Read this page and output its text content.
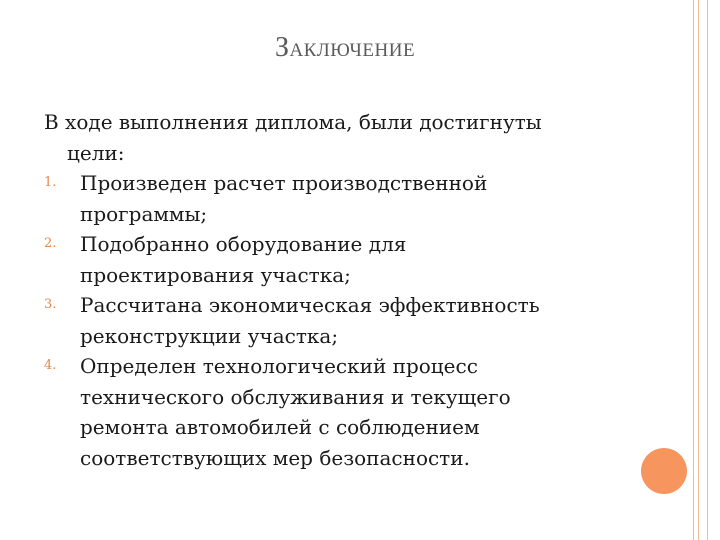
ЗАКЛЮЧЕНИЕ

В ходе выполнения диплома, были достигнуты
цели:

1. Произведен расчет производственной
программы;
2. Подобранно оборудование для
проектирования участка;
3. Рассчитана экономическая эффективность
реконструкции участка;
4. Определен технологический процесс
технического обслуживания и текущего
ремонта автомобилей с соблюдением
соответствующих мер безопасности.
